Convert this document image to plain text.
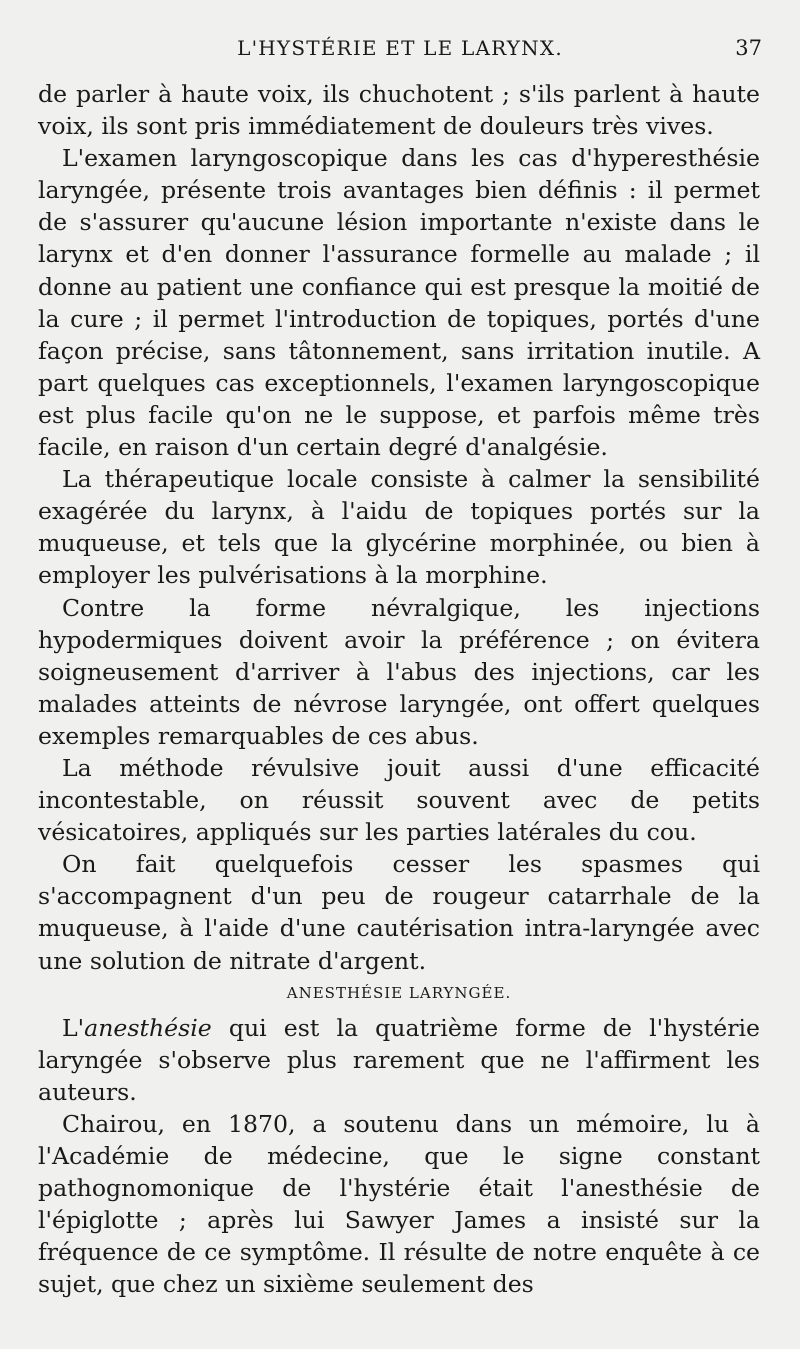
L'HYSTÉRIE ET LE LARYNX.	37

de parler à haute voix, ils chuchotent ; s'ils parlent à haute voix, ils sont pris immédiatement de douleurs très vives.

L'examen laryngoscopique dans les cas d'hyperesthésie laryngée, présente trois avantages bien définis : il permet de s'assurer qu'aucune lésion importante n'existe dans le larynx et d'en donner l'assurance formelle au malade ; il donne au patient une confiance qui est presque la moitié de la cure ; il permet l'introduction de topiques, portés d'une façon précise, sans tâtonnement, sans irritation inutile. A part quelques cas exceptionnels, l'examen laryngoscopique est plus facile qu'on ne le suppose, et parfois même très facile, en raison d'un certain degré d'analgésie.

La thérapeutique locale consiste à calmer la sensibilité exagérée du larynx, à l'aidu de topiques portés sur la muqueuse, et tels que la glycérine morphinée, ou bien à employer les pulvérisations à la morphine.

Contre la forme névralgique, les injections hypodermiques doivent avoir la préférence ; on évitera soigneusement d'arriver à l'abus des injections, car les malades atteints de névrose laryngée, ont offert quelques exemples remarquables de ces abus.

La méthode révulsive jouit aussi d'une efficacité incontestable, on réussit souvent avec de petits vésicatoires, appliqués sur les parties latérales du cou.

On fait quelquefois cesser les spasmes qui s'accompagnent d'un peu de rougeur catarrhale de la muqueuse, à l'aide d'une cautérisation intra-laryngée avec une solution de nitrate d'argent.

ANESTHÉSIE LARYNGÉE.

L'anesthésie qui est la quatrième forme de l'hystérie laryngée s'observe plus rarement que ne l'affirment les auteurs.

Chairou, en 1870, a soutenu dans un mémoire, lu à l'Académie de médecine, que le signe constant pathognomonique de l'hystérie était l'anesthésie de l'épiglotte ; après lui Sawyer James a insisté sur la fréquence de ce symptôme. Il résulte de notre enquête à ce sujet, que chez un sixième seulement des
